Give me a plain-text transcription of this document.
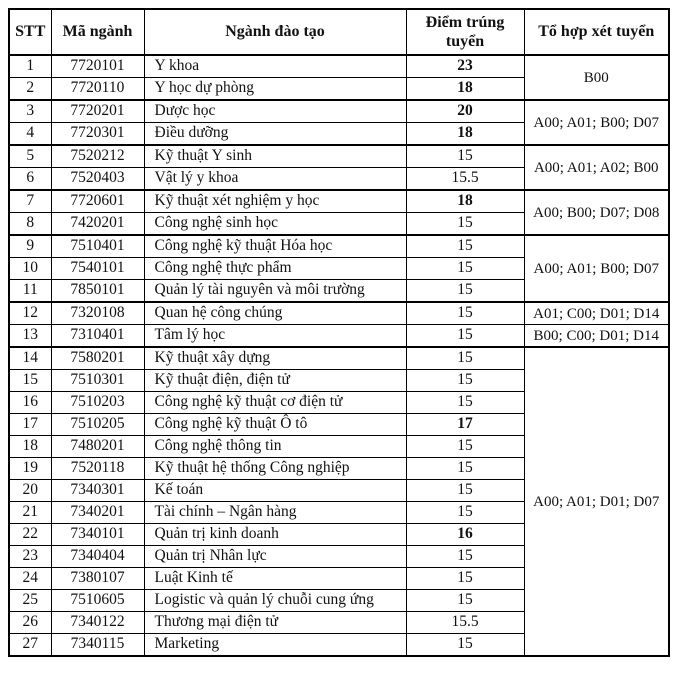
STT	Mã ngành	Ngành đào tạo	Điểm trúng tuyển	Tổ hợp xét tuyển
1	7720101	Y khoa	23	B00
2	7720110	Y học dự phòng	18	
3	7720201	Dược học	20	A00; A01; B00; D07
4	7720301	Điều dưỡng	18	
5	7520212	Kỹ thuật Y sinh	15	A00; A01; A02; B00
6	7520403	Vật lý y khoa	15.5	
7	7720601	Kỹ thuật xét nghiệm y học	18	A00; B00; D07; D08
8	7420201	Công nghệ sinh học	15	
9	7510401	Công nghệ kỹ thuật Hóa học	15	A00; A01; B00; D07
10	7540101	Công nghệ thực phẩm	15	
11	7850101	Quản lý tài nguyên và môi trường	15	
12	7320108	Quan hệ công chúng	15	A01; C00; D01; D14
13	7310401	Tâm lý học	15	B00; C00; D01; D14
14	7580201	Kỹ thuật xây dựng	15	A00; A01; D01; D07
15	7510301	Kỹ thuật điện, điện tử	15	
16	7510203	Công nghệ kỹ thuật cơ điện tử	15	
17	7510205	Công nghệ kỹ thuật Ô tô	17	
18	7480201	Công nghệ thông tin	15	
19	7520118	Kỹ thuật hệ thống Công nghiệp	15	
20	7340301	Kế toán	15	
21	7340201	Tài chính – Ngân hàng	15	
22	7340101	Quản trị kinh doanh	16	
23	7340404	Quản trị Nhân lực	15	
24	7380107	Luật Kinh tế	15	
25	7510605	Logistic và quản lý chuỗi cung ứng	15	
26	7340122	Thương mại điện tử	15.5	
27	7340115	Marketing	15	
